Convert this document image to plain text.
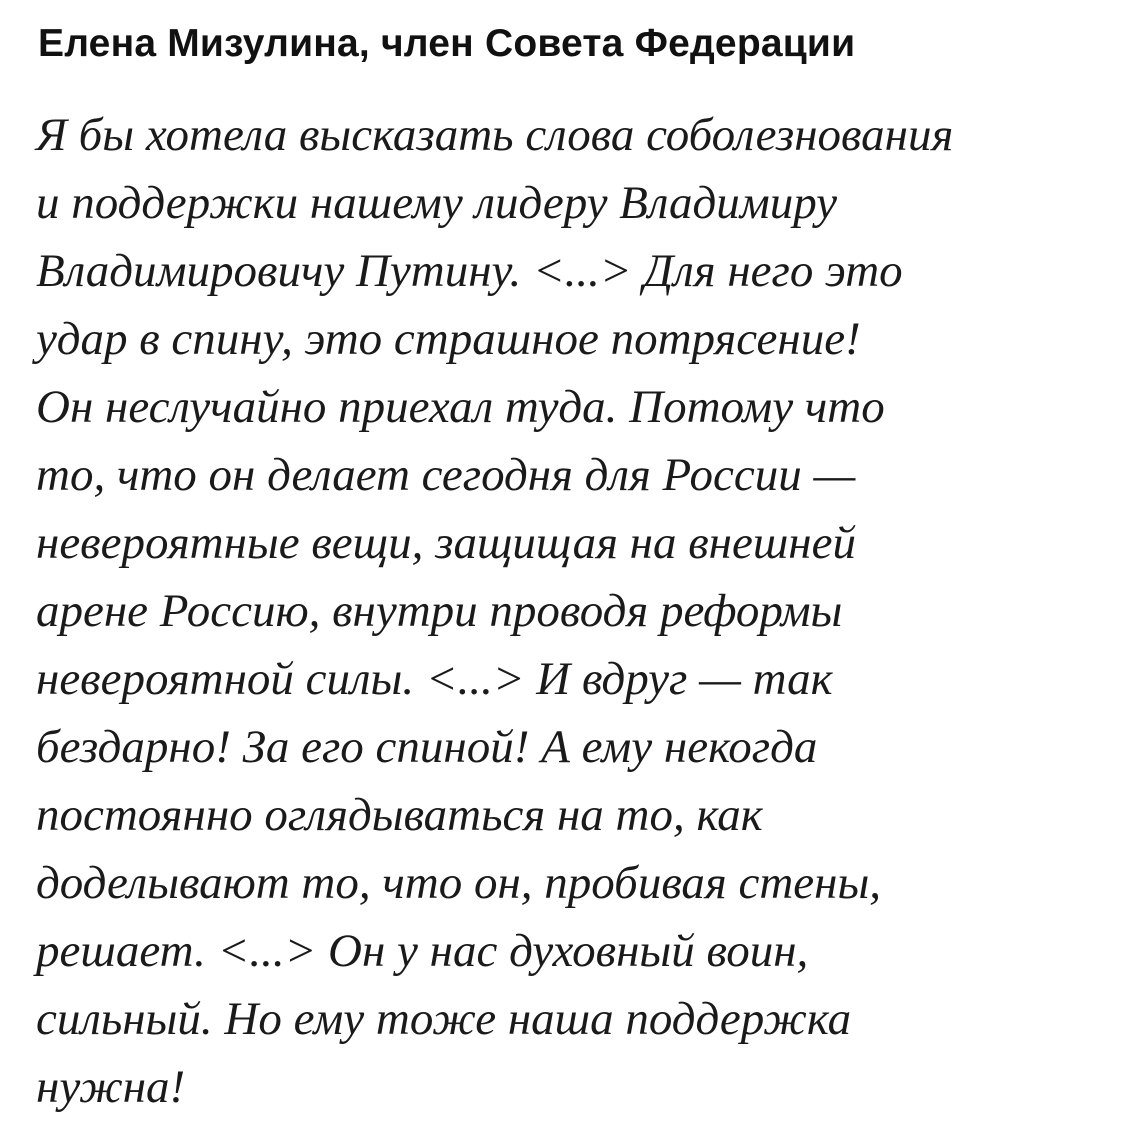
Елена Мизулина, член Совета Федерации

Я бы хотела высказать слова соболезнования
и поддержки нашему лидеру Владимиру
Владимировичу Путину. <...> Для него это
удар в спину, это страшное потрясение!
Он неслучайно приехал туда. Потому что
то, что он делает сегодня для России —
невероятные вещи, защищая на внешней
арене Россию, внутри проводя реформы
невероятной силы. <...> И вдруг — так
бездарно! За его спиной! А ему некогда
постоянно оглядываться на то, как
доделывают то, что он, пробивая стены,
решает. <...> Он у нас духовный воин,
сильный. Но ему тоже наша поддержка
нужна!
